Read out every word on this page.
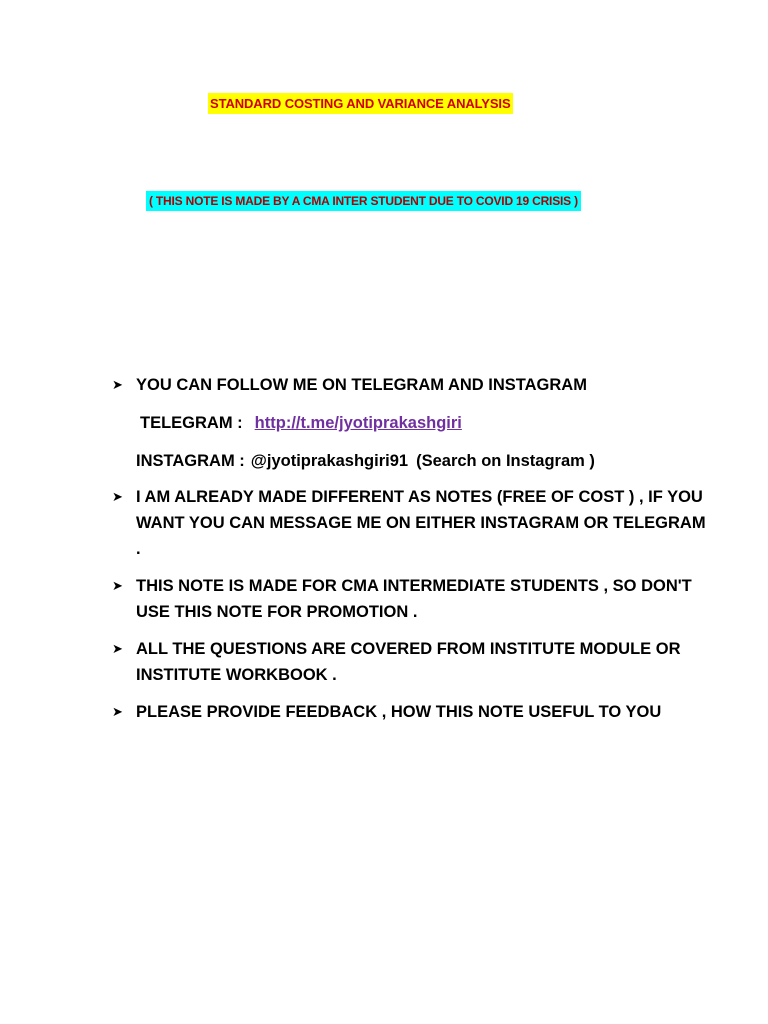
STANDARD COSTING AND VARIANCE ANALYSIS
( THIS NOTE IS MADE BY A CMA INTER STUDENT DUE TO COVID 19 CRISIS )
➤ YOU CAN FOLLOW ME ON TELEGRAM AND INSTAGRAM
TELEGRAM : http://t.me/jyotiprakashgiri
INSTAGRAM : @jyotiprakashgiri91 (Search on Instagram )
➤ I AM ALREADY MADE DIFFERENT AS NOTES (FREE OF COST ) , IF YOU WANT YOU CAN MESSAGE ME ON EITHER INSTAGRAM OR TELEGRAM .
➤ THIS NOTE IS MADE FOR CMA INTERMEDIATE STUDENTS , SO DON'T USE THIS NOTE FOR PROMOTION .
➤ ALL THE QUESTIONS ARE COVERED FROM INSTITUTE MODULE OR INSTITUTE WORKBOOK .
➤ PLEASE PROVIDE FEEDBACK , HOW THIS NOTE USEFUL TO YOU
